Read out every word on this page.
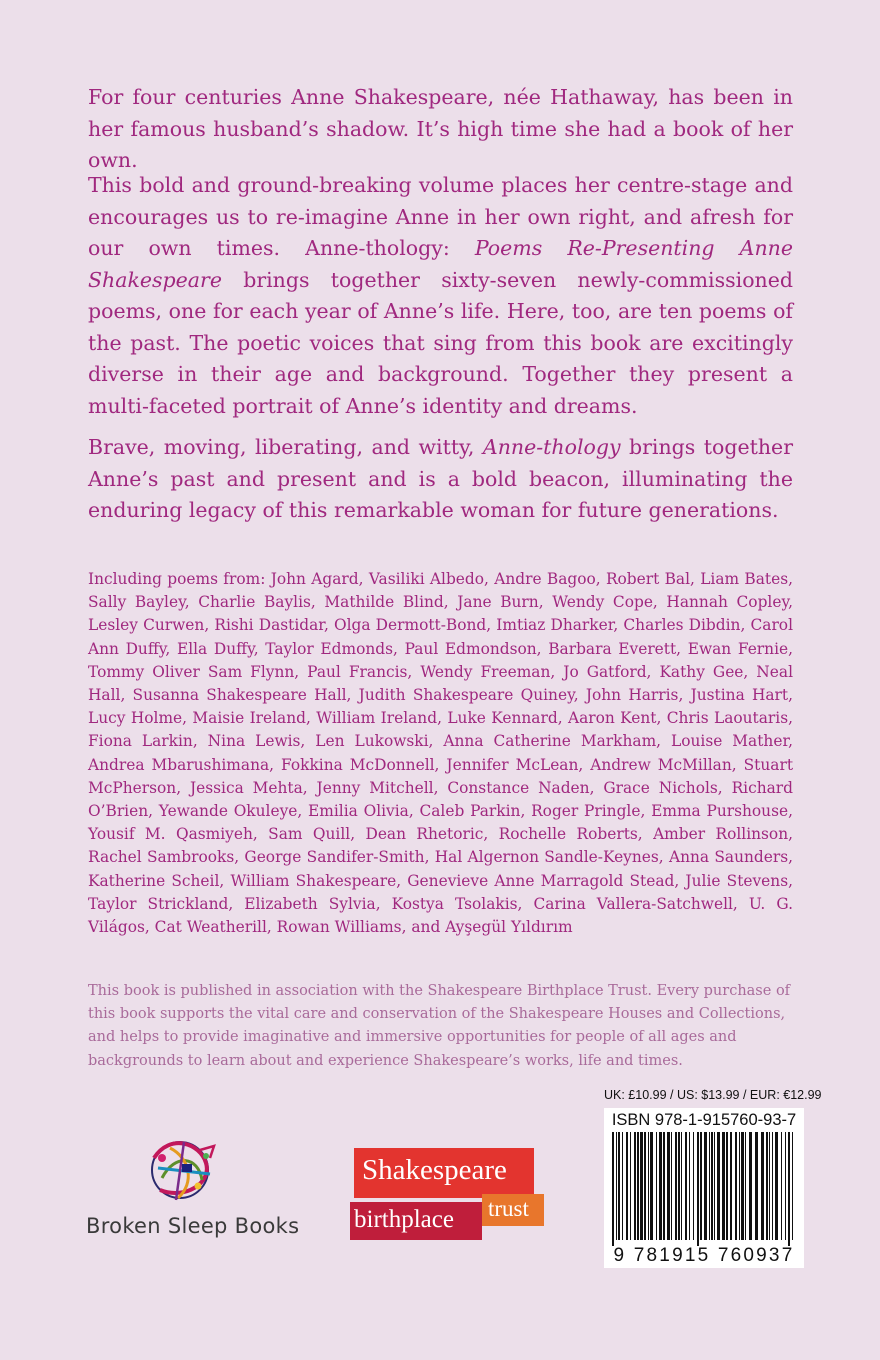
For four centuries Anne Shakespeare, née Hathaway, has been in her famous husband’s shadow. It’s high time she had a book of her own.

This bold and ground-breaking volume places her centre-stage and encourages us to re-imagine Anne in her own right, and afresh for our own times. Anne-thology: Poems Re-Presenting Anne Shakespeare brings together sixty-seven newly-commissioned poems, one for each year of Anne’s life. Here, too, are ten poems of the past. The poetic voices that sing from this book are excitingly diverse in their age and background. Together they present a multi-faceted portrait of Anne’s identity and dreams.

Brave, moving, liberating, and witty, Anne-thology brings together Anne’s past and present and is a bold beacon, illuminating the enduring legacy of this remarkable woman for future generations.

Including poems from: John Agard, Vasiliki Albedo, Andre Bagoo, Robert Bal, Liam Bates, Sally Bayley, Charlie Baylis, Mathilde Blind, Jane Burn, Wendy Cope, Hannah Copley, Lesley Curwen, Rishi Dastidar, Olga Dermott-Bond, Imtiaz Dharker, Charles Dibdin, Carol Ann Duffy, Ella Duffy, Taylor Edmonds, Paul Edmondson, Barbara Everett, Ewan Fernie, Tommy Oliver Sam Flynn, Paul Francis, Wendy Freeman, Jo Gatford, Kathy Gee, Neal Hall, Susanna Shakespeare Hall, Judith Shakespeare Quiney, John Harris, Justina Hart, Lucy Holme, Maisie Ireland, William Ireland, Luke Kennard, Aaron Kent, Chris Laoutaris, Fiona Larkin, Nina Lewis, Len Lukowski, Anna Catherine Markham, Louise Mather, Andrea Mbarushimana, Fokkina McDonnell, Jennifer McLean, Andrew McMillan, Stuart McPherson, Jessica Mehta, Jenny Mitchell, Constance Naden, Grace Nichols, Richard O’Brien, Yewande Okuleye, Emilia Olivia, Caleb Parkin, Roger Pringle, Emma Purshouse, Yousif M. Qasmiyeh, Sam Quill, Dean Rhetoric, Rochelle Roberts, Amber Rollinson, Rachel Sambrooks, George Sandifer-Smith, Hal Algernon Sandle-Keynes, Anna Saunders, Katherine Scheil, William Shakespeare, Genevieve Anne Marragold Stead, Julie Stevens, Taylor Strickland, Elizabeth Sylvia, Kostya Tsolakis, Carina Vallera-Satchwell, U. G. Világos, Cat Weatherill, Rowan Williams, and Ayşegül Yıldırım

This book is published in association with the Shakespeare Birthplace Trust. Every purchase of this book supports the vital care and conservation of the Shakespeare Houses and Collections, and helps to provide imaginative and immersive opportunities for people of all ages and backgrounds to learn about and experience Shakespeare’s works, life and times.

UK: £10.99 / US: $13.99 / EUR: €12.99
ISBN 978-1-915760-93-7
9 781915 760937
Broken Sleep Books
Shakespeare
birthplace trust
